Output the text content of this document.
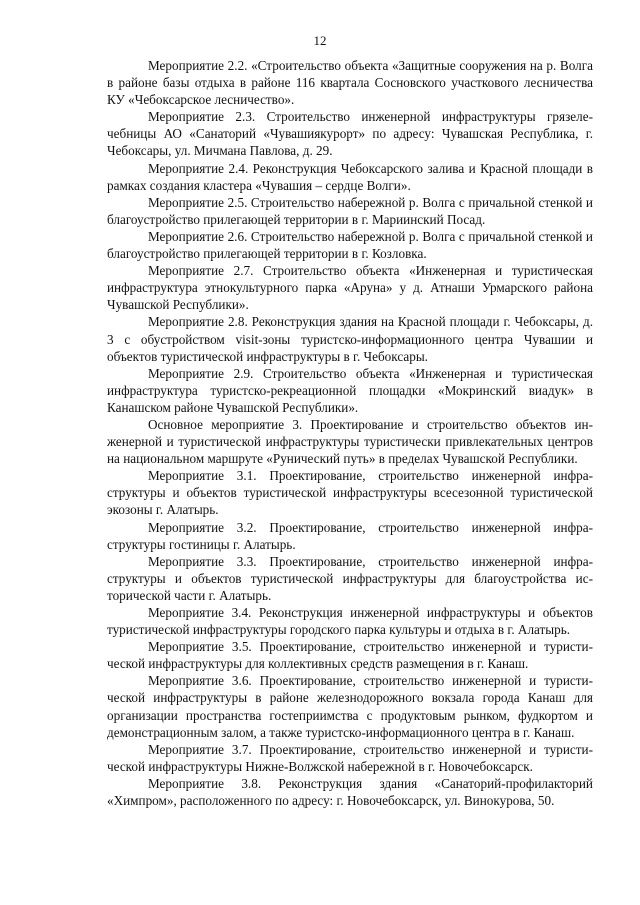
12

Мероприятие 2.2. «Строительство объекта «Защитные сооружения на р. Волга в районе базы отдыха в районе 116 квартала Сосновского участкового лесничества КУ «Чебоксарское лесничество».

Мероприятие 2.3. Строительство инженерной инфраструктуры грязелечебницы АО «Санаторий «Чувашиякурорт» по адресу: Чувашская Республика, г. Чебоксары, ул. Мичмана Павлова, д. 29.

Мероприятие 2.4. Реконструкция Чебоксарского залива и Красной площади в рамках создания кластера «Чувашия – сердце Волги».

Мероприятие 2.5. Строительство набережной р. Волга с причальной стенкой и благоустройство прилегающей территории в г. Мариинский Посад.

Мероприятие 2.6. Строительство набережной р. Волга с причальной стенкой и благоустройство прилегающей территории в г. Козловка.

Мероприятие 2.7. Строительство объекта «Инженерная и туристическая инфраструктура этнокультурного парка «Аруна» у д. Атнаши Урмарского района Чувашской Республики».

Мероприятие 2.8. Реконструкция здания на Красной площади г. Чебоксары, д. 3 с обустройством visit-зоны туристско-информационного центра Чувашии и объектов туристической инфраструктуры в г. Чебоксары.

Мероприятие 2.9. Строительство объекта «Инженерная и туристическая инфраструктура туристско-рекреационной площадки «Мокринский виадук» в Канашском районе Чувашской Республики».

Основное мероприятие 3. Проектирование и строительство объектов инженерной и туристической инфраструктуры туристически привлекательных центров на национальном маршруте «Рунический путь» в пределах Чувашской Республики.

Мероприятие 3.1. Проектирование, строительство инженерной инфраструктуры и объектов туристической инфраструктуры всесезонной туристической экозоны г. Алатырь.

Мероприятие 3.2. Проектирование, строительство инженерной инфраструктуры гостиницы г. Алатырь.

Мероприятие 3.3. Проектирование, строительство инженерной инфраструктуры и объектов туристической инфраструктуры для благоустройства исторической части г. Алатырь.

Мероприятие 3.4. Реконструкция инженерной инфраструктуры и объектов туристической инфраструктуры городского парка культуры и отдыха в г. Алатырь.

Мероприятие 3.5. Проектирование, строительство инженерной и туристической инфраструктуры для коллективных средств размещения в г. Канаш.

Мероприятие 3.6. Проектирование, строительство инженерной и туристической инфраструктуры в районе железнодорожного вокзала города Канаш для организации пространства гостеприимства с продуктовым рынком, фудкортом и демонстрационным залом, а также туристско-информационного центра в г. Канаш.

Мероприятие 3.7. Проектирование, строительство инженерной и туристической инфраструктуры Нижне-Волжской набережной в г. Новочебоксарск.

Мероприятие 3.8. Реконструкция здания «Санаторий-профилакторий «Химпром», расположенного по адресу: г. Новочебоксарск, ул. Винокурова, 50.
